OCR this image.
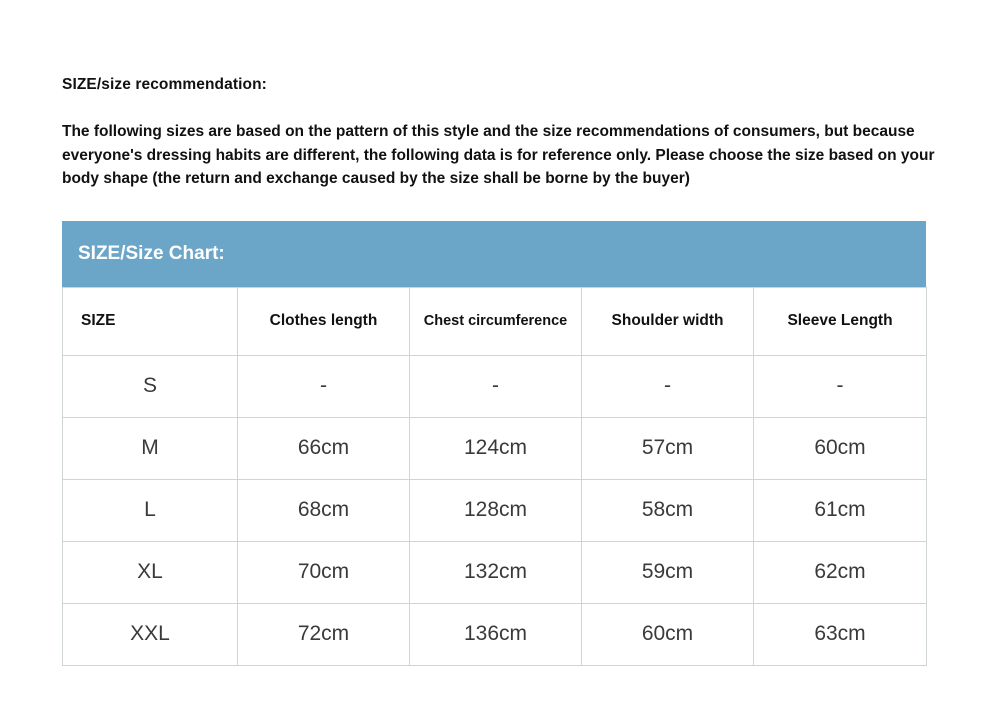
SIZE/size recommendation:
The following sizes are based on the pattern of this style and the size recommendations of consumers, but because everyone's dressing habits are different, the following data is for reference only. Please choose the size based on your body shape (the return and exchange caused by the size shall be borne by the buyer)
SIZE/Size Chart:
SIZE	Clothes length	Chest circumference	Shoulder width	Sleeve Length
S	-	-	-	-
M	66cm	124cm	57cm	60cm
L	68cm	128cm	58cm	61cm
XL	70cm	132cm	59cm	62cm
XXL	72cm	136cm	60cm	63cm
